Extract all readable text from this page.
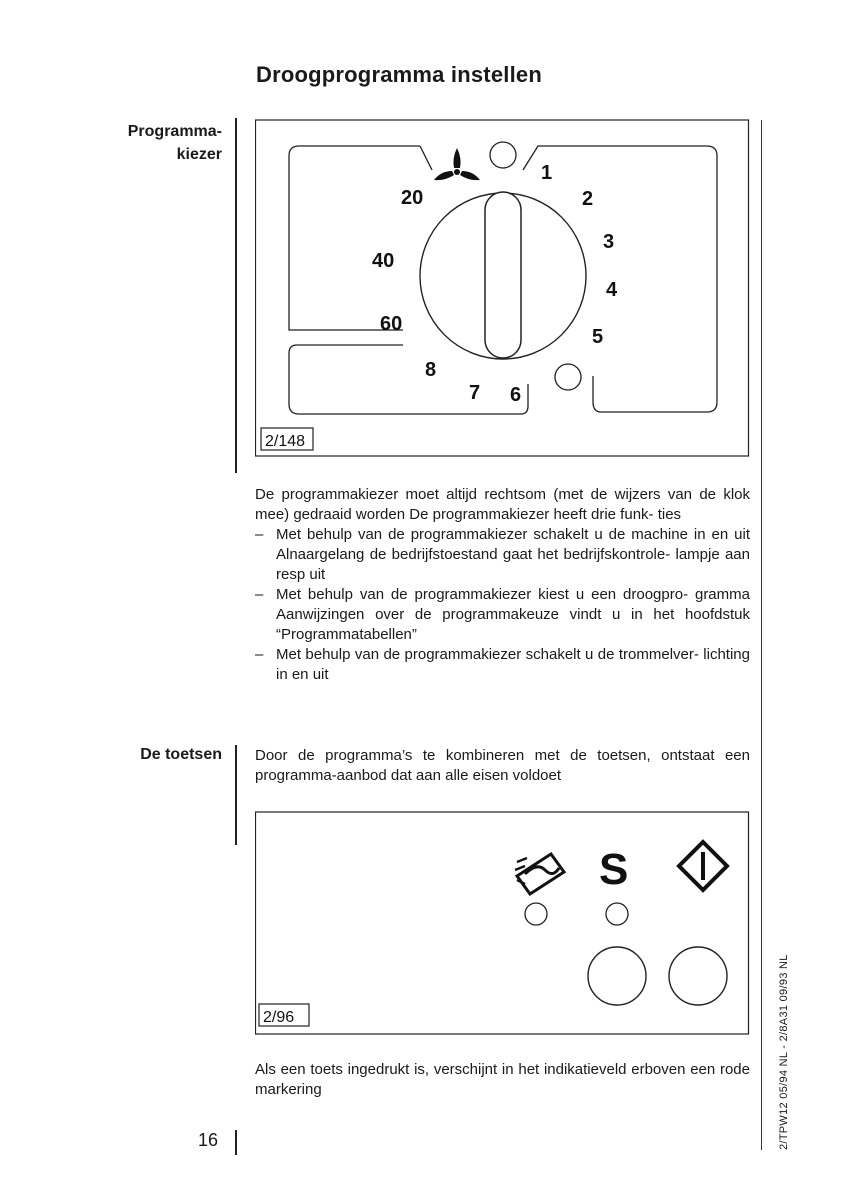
Droogprogramma instellen
Programma-
kiezer
De toetsen
20
40
60
8
7 6
1
2
3
4
5
2/148

De programmakiezer moet altijd rechtsom (met de wijzers van de klok mee) gedraaid worden De programmakiezer heeft drie funk- ties

– Met behulp van de programmakiezer schakelt u de machine in en uit Alnaargelang de bedrijfstoestand gaat het bedrijfskontrole- lampje aan resp uit
– Met behulp van de programmakiezer kiest u een droogpro- gramma Aanwijzingen over de programmakeuze vindt u in het hoofdstuk “Programmatabellen”
– Met behulp van de programmakiezer schakelt u de trommelver- lichting in en uit
Door de programma’s te kombineren met de toetsen, ontstaat een programma-aanbod dat aan alle eisen voldoet
S
2/96
Als een toets ingedrukt is, verschijnt in het indikatieveld erboven een rode markering
16	2/TPW12 05/94 NL - 2/8A31 09/93 NL
